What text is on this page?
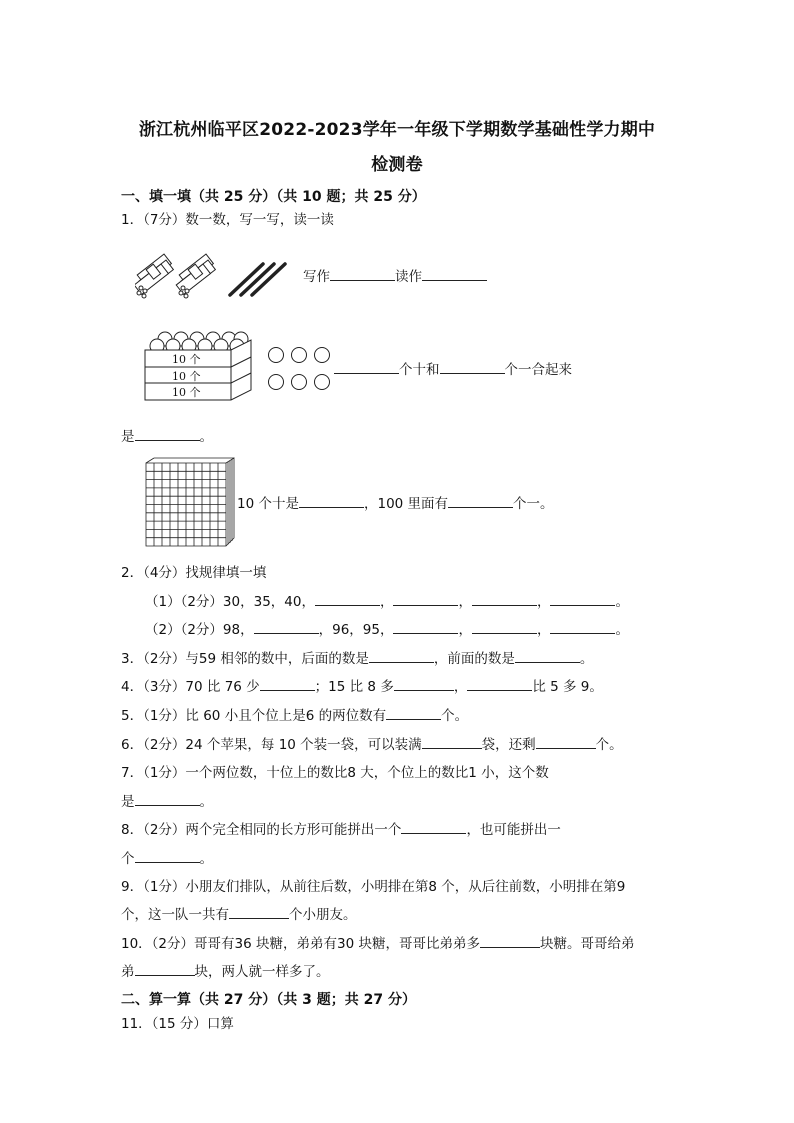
浙江杭州临平区2022-2023学年一年级下学期数学基础性学力期中
检测卷
一、填一填（共 25 分）（共 10 题；共 25 分）
1．（7分）数一数，写一写，读一读
写作	读作
10 个
10 个
10 个
个十和	个一合起来
是	。
10 个十是	，100 里面有	个一。
2．（4分）找规律填一填
（1）（2分）30，35，40，	，	，	，	。
（2）（2分）98，	，96，95，	，	，	。
3．（2分）与59 相邻的数中，后面的数是	，前面的数是	。
4．（3分）70 比 76 少	；15 比 8 多	，	比 5 多 9。
5．（1分）比 60 小且个位上是6 的两位数有	个。
6．（2分）24 个苹果，每 10 个装一袋，可以装满	袋，还剩	个。
7．（1分）一个两位数，十位上的数比8 大，个位上的数比1 小，这个数
是	。
8．（2分）两个完全相同的长方形可能拼出一个	，也可能拼出一
个	。
9．（1分）小朋友们排队，从前往后数，小明排在第8 个，从后往前数，小明排在第9
个，这一队一共有	个小朋友。
10．（2分）哥哥有36 块糖，弟弟有30 块糖，哥哥比弟弟多	块糖。哥哥给弟
弟	块，两人就一样多了。
二、算一算（共 27 分）（共 3 题；共 27 分）
11．（15 分）口算
